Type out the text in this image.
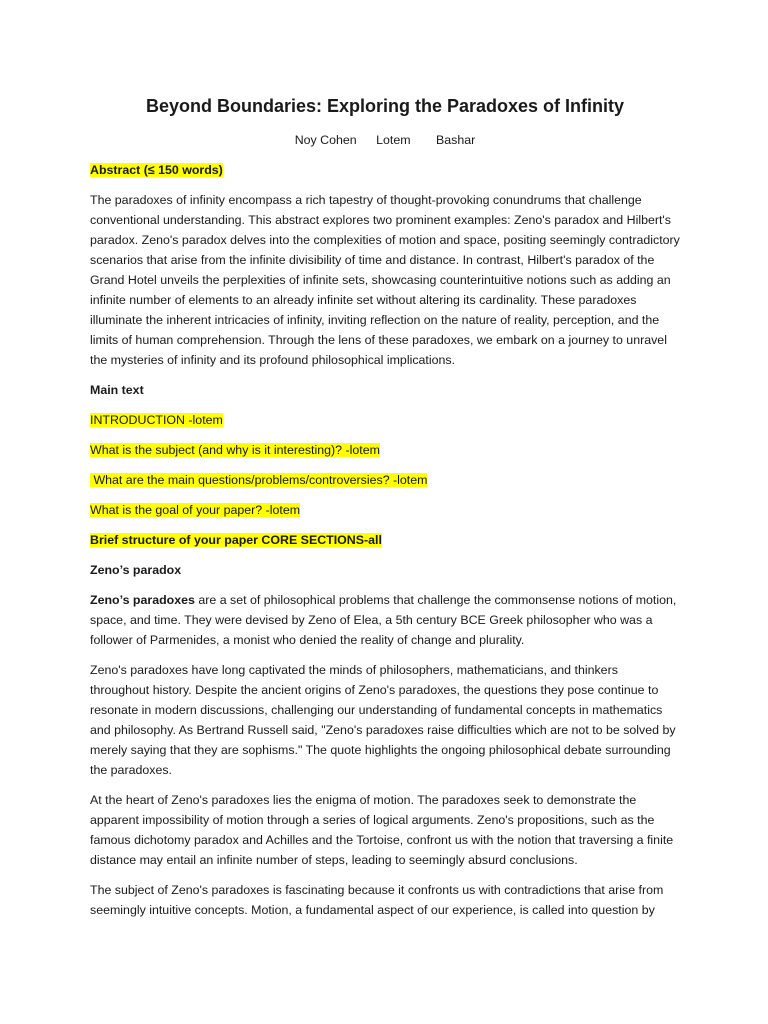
Beyond Boundaries: Exploring the Paradoxes of Infinity
Noy Cohen Lotem Bashar

Abstract (≤ 150 words)

The paradoxes of infinity encompass a rich tapestry of thought-provoking conundrums that challenge conventional understanding. This abstract explores two prominent examples: Zeno's paradox and Hilbert's paradox. Zeno's paradox delves into the complexities of motion and space, positing seemingly contradictory scenarios that arise from the infinite divisibility of time and distance. In contrast, Hilbert's paradox of the Grand Hotel unveils the perplexities of infinite sets, showcasing counterintuitive notions such as adding an infinite number of elements to an already infinite set without altering its cardinality. These paradoxes illuminate the inherent intricacies of infinity, inviting reflection on the nature of reality, perception, and the limits of human comprehension. Through the lens of these paradoxes, we embark on a journey to unravel the mysteries of infinity and its profound philosophical implications.

Main text

INTRODUCTION -lotem

What is the subject (and why is it interesting)? -lotem

What are the main questions/problems/controversies? -lotem

What is the goal of your paper? -lotem

Brief structure of your paper CORE SECTIONS-all

Zeno’s paradox

Zeno’s paradoxes are a set of philosophical problems that challenge the commonsense notions of motion, space, and time. They were devised by Zeno of Elea, a 5th century BCE Greek philosopher who was a follower of Parmenides, a monist who denied the reality of change and plurality.

Zeno's paradoxes have long captivated the minds of philosophers, mathematicians, and thinkers throughout history. Despite the ancient origins of Zeno's paradoxes, the questions they pose continue to resonate in modern discussions, challenging our understanding of fundamental concepts in mathematics and philosophy. As Bertrand Russell said, "Zeno's paradoxes raise difficulties which are not to be solved by merely saying that they are sophisms." The quote highlights the ongoing philosophical debate surrounding the paradoxes.

At the heart of Zeno's paradoxes lies the enigma of motion. The paradoxes seek to demonstrate the apparent impossibility of motion through a series of logical arguments. Zeno's propositions, such as the famous dichotomy paradox and Achilles and the Tortoise, confront us with the notion that traversing a finite distance may entail an infinite number of steps, leading to seemingly absurd conclusions.

The subject of Zeno's paradoxes is fascinating because it confronts us with contradictions that arise from seemingly intuitive concepts. Motion, a fundamental aspect of our experience, is called into question by
